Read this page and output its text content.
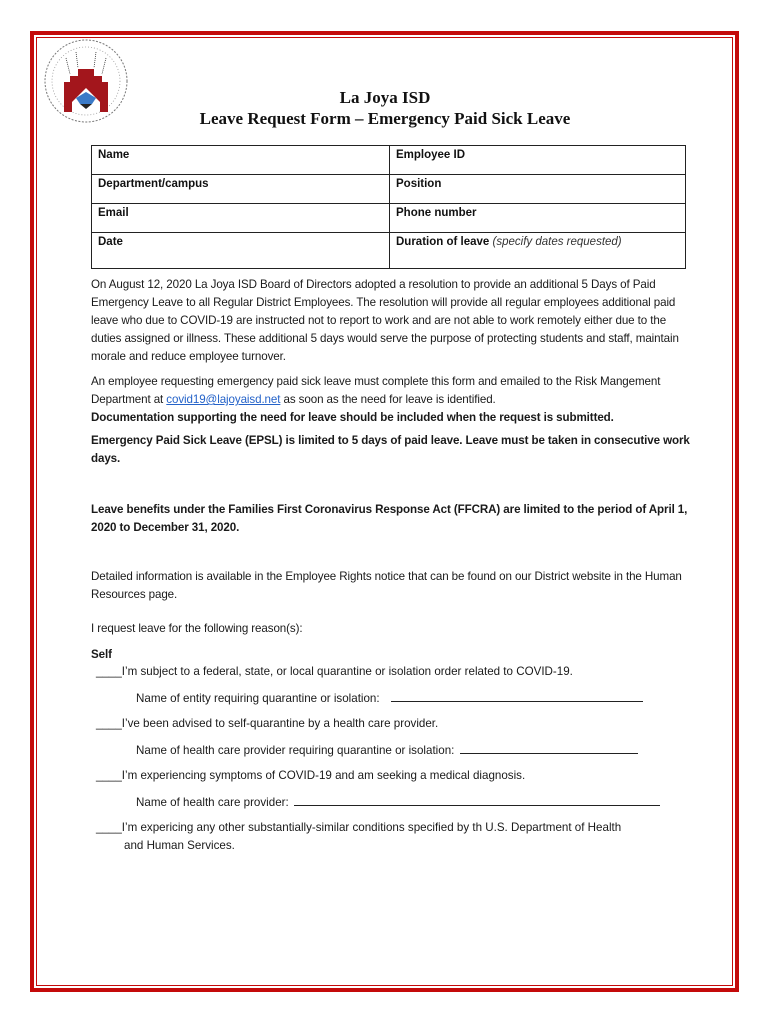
La Joya ISD
Leave Request Form – Emergency Paid Sick Leave
Name	Employee ID
Department/campus	Position
Email	Phone number
Date	Duration of leave (specify dates requested)
On August 12, 2020 La Joya ISD Board of Directors adopted a resolution to provide an additional 5 Days of Paid Emergency Leave to all Regular District Employees. The resolution will provide all regular employees additional paid leave who due to COVID-19 are instructed not to report to work and are not able to work remotely either due to the duties assigned or illness. These additional 5 days would serve the purpose of protecting students and staff, maintain morale and reduce employee turnover.
An employee requesting emergency paid sick leave must complete this form and emailed to the Risk Mangement Department at covid19@lajoyaisd.net as soon as the need for leave is identified.
Documentation supporting the need for leave should be included when the request is submitted.
Emergency Paid Sick Leave (EPSL) is limited to 5 days of paid leave. Leave must be taken in consecutive work days.
Leave benefits under the Families First Coronavirus Response Act (FFCRA) are limited to the period of April 1, 2020 to December 31, 2020.
Detailed information is available in the Employee Rights notice that can be found on our District website in the Human Resources page.
I request leave for the following reason(s):
Self
____I’m subject to a federal, state, or local quarantine or isolation order related to COVID-19.
Name of entity requiring quarantine or isolation:
____I’ve been advised to self-quarantine by a health care provider.
Name of health care provider requiring quarantine or isolation:
____I’m experiencing symptoms of COVID-19 and am seeking a medical diagnosis.
Name of health care provider:
____I’m expericing any other substantially-similar conditions specified by th U.S. Department of Health
and Human Services.
